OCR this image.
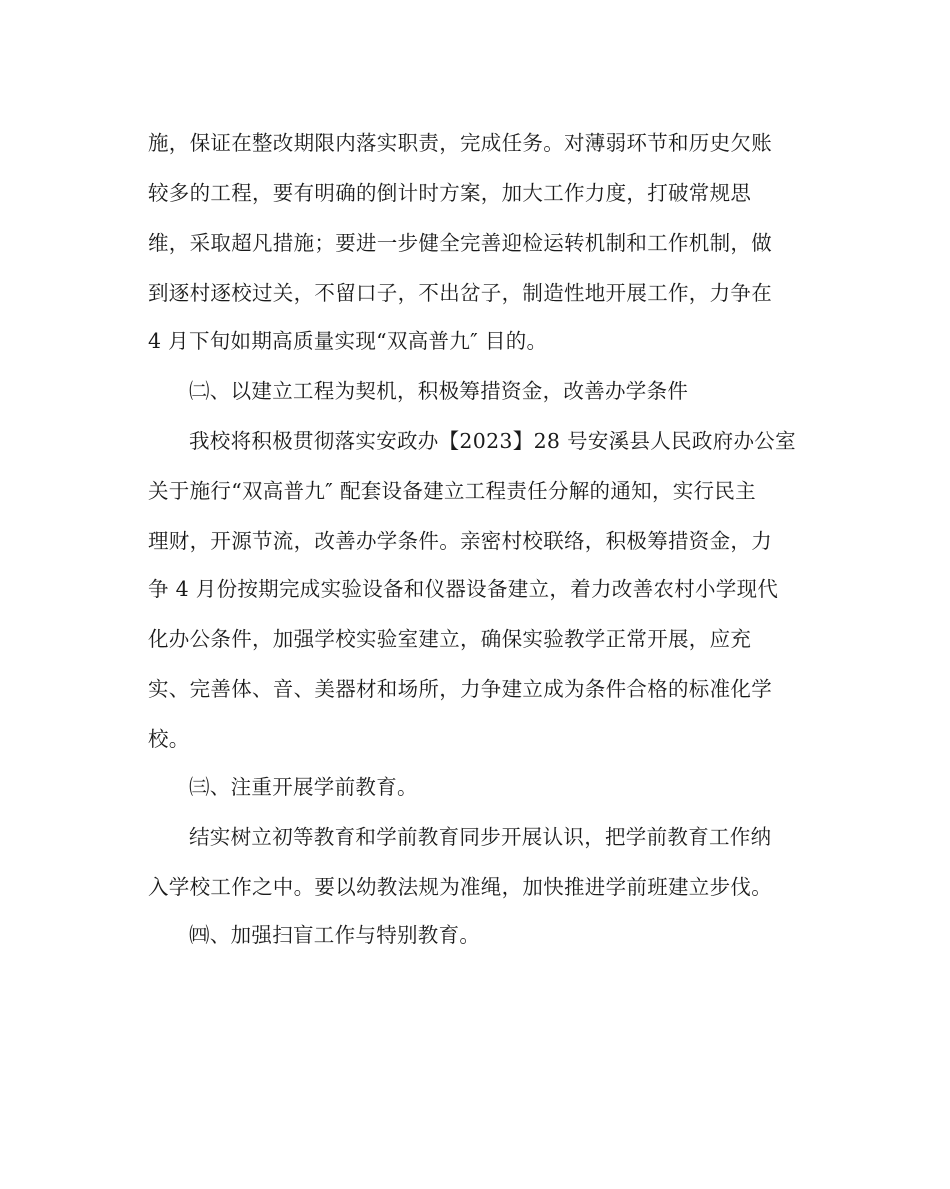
施，保证在整改期限内落实职责，完成任务。对薄弱环节和历史欠账
较多的工程，要有明确的倒计时方案，加大工作力度，打破常规思
维，采取超凡措施；要进一步健全完善迎检运转机制和工作机制，做
到逐村逐校过关，不留口子，不出岔子，制造性地开展工作，力争在
4 月下旬如期高质量实现“双高普九″ 目的。
㈡、以建立工程为契机，积极筹措资金，改善办学条件
我校将积极贯彻落实安政办【2023】28 号安溪县人民政府办公室
关于施行“双高普九″ 配套设备建立工程责任分解的通知，实行民主
理财，开源节流，改善办学条件。亲密村校联络，积极筹措资金，力
争 4 月份按期完成实验设备和仪器设备建立，着力改善农村小学现代
化办公条件，加强学校实验室建立，确保实验教学正常开展，应充
实、完善体、音、美器材和场所，力争建立成为条件合格的标准化学
校。
㈢、注重开展学前教育。
结实树立初等教育和学前教育同步开展认识，把学前教育工作纳
入学校工作之中。要以幼教法规为准绳，加快推进学前班建立步伐。
㈣、加强扫盲工作与特别教育。
